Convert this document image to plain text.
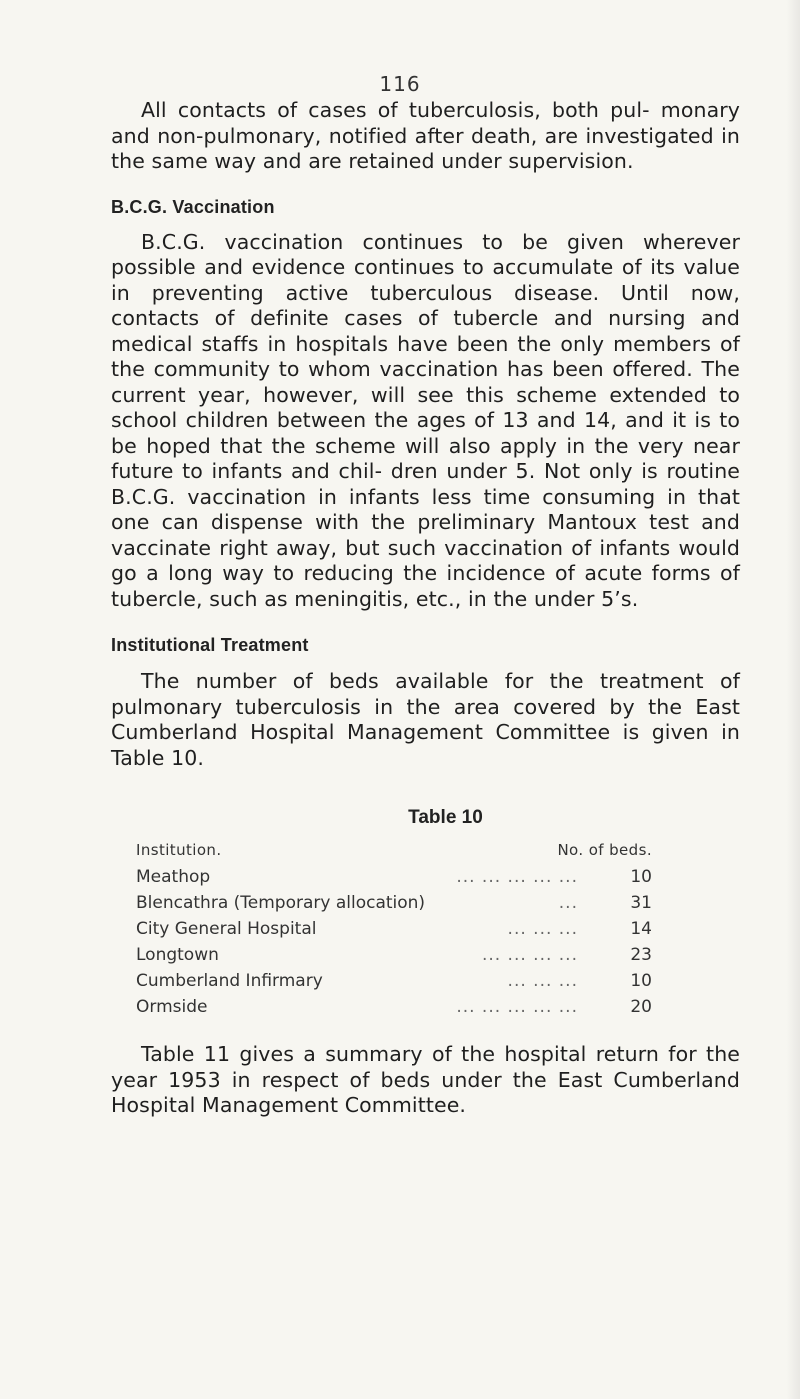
116

All contacts of cases of tuberculosis, both pul- monary and non-pulmonary, notified after death, are investigated in the same way and are retained under supervision.

B.C.G. Vaccination

B.C.G. vaccination continues to be given wherever possible and evidence continues to accumulate of its value in preventing active tuberculous disease. Until now, contacts of definite cases of tubercle and nursing and medical staffs in hospitals have been the only members of the community to whom vaccination has been offered. The current year, however, will see this scheme extended to school children between the ages of 13 and 14, and it is to be hoped that the scheme will also apply in the very near future to infants and chil- dren under 5. Not only is routine B.C.G. vaccination in infants less time consuming in that one can dispense with the preliminary Mantoux test and vaccinate right away, but such vaccination of infants would go a long way to reducing the incidence of acute forms of tubercle, such as meningitis, etc., in the under 5’s.

Institutional Treatment

The number of beds available for the treatment of pulmonary tuberculosis in the area covered by the East Cumberland Hospital Management Committee is given in Table 10.

Table 10
Institution.	No. of beds.	
Meathop	... ... ... ... ...	10
Blencathra (Temporary allocation)	...	31
City General Hospital	... ... ...	14
Longtown	... ... ... ...	23
Cumberland Infirmary	... ... ...	10
Ormside	... ... ... ... ...	20

Table 11 gives a summary of the hospital return for the year 1953 in respect of beds under the East Cumberland Hospital Management Committee.
